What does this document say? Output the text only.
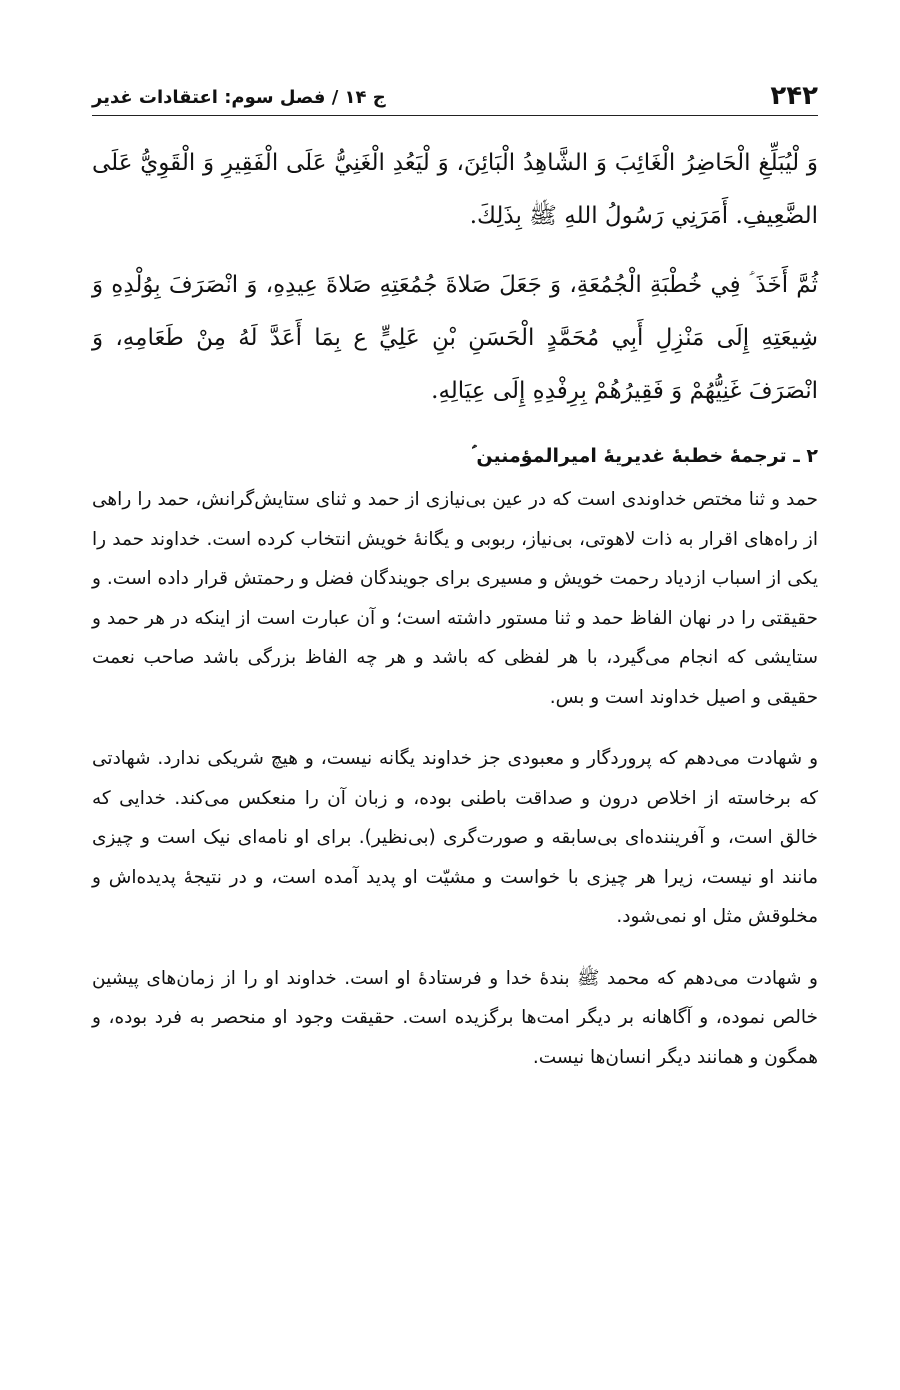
۲۴۲
ج ۱۴ / فصل سوم: اعتقادات غدیر

وَ لْيُبَلِّغِ الْحَاضِرُ الْغَائِبَ وَ الشَّاهِدُ الْبَائِنَ، وَ لْيَعُدِ الْغَنِيُّ عَلَى الْفَقِيرِ وَ الْقَوِيُّ عَلَى الضَّعِيفِ. أَمَرَنِي رَسُولُ اللهِ ﷺ بِذَلِكَ.

ثُمَّ أَخَذَ ؑ فِي خُطْبَةِ الْجُمُعَةِ، وَ جَعَلَ صَلاةَ جُمُعَتِهِ صَلاةَ عِيدِهِ، وَ انْصَرَفَ بِوُلْدِهِ وَ شِيعَتِهِ إِلَى مَنْزِلِ أَبِي مُحَمَّدٍ الْحَسَنِ بْنِ عَلِيٍّ ع بِمَا أَعَدَّ لَهُ مِنْ طَعَامِهِ، وَ انْصَرَفَ غَنِيُّهُمْ وَ فَقِيرُهُمْ بِرِفْدِهِ إِلَى عِيَالِهِ.

۲ ـ ترجمۀ خطبۀ غدیریۀ امیرالمؤمنین ؑ

حمد و ثنا مختص خداوندی است که در عین بی‌نیازی از حمد و ثنای ستایش‌گرانش، حمد را راهی از راه‌های اقرار به ذات لاهوتی، بی‌نیاز، ربوبی و یگانۀ خویش انتخاب کرده است. خداوند حمد را یکی از اسباب ازدیاد رحمت خویش و مسیری برای جویندگان فضل و رحمتش قرار داده است. و حقیقتی را در نهان الفاظ حمد و ثنا مستور داشته است؛ و آن عبارت است از اینکه در هر حمد و ستایشی که انجام می‌گیرد، با هر لفظی که باشد و هر چه الفاظ بزرگی باشد صاحب نعمت حقیقی و اصیل خداوند است و بس.

و شهادت می‌دهم که پروردگار و معبودی جز خداوند یگانه نیست، و هیچ شریکی ندارد. شهادتی که برخاسته از اخلاص درون و صداقت باطنی بوده، و زبان آن را منعکس می‌کند. خدایی که خالق است، و آفریننده‌ای بی‌سابقه و صورت‌گری (بی‌نظیر). برای او نامه‌ای نیک است و چیزی مانند او نیست، زیرا هر چیزی با خواست و مشیّت او پدید آمده است، و در نتیجۀ پدیده‌اش و مخلوقش مثل او نمی‌شود.

و شهادت می‌دهم که محمد ﷺ بندۀ خدا و فرستادۀ او است. خداوند او را از زمان‌های پیشین خالص نموده، و آگاهانه بر دیگر امت‌ها برگزیده است. حقیقت وجود او منحصر به فرد بوده، و همگون و همانند دیگر انسان‌ها نیست.
